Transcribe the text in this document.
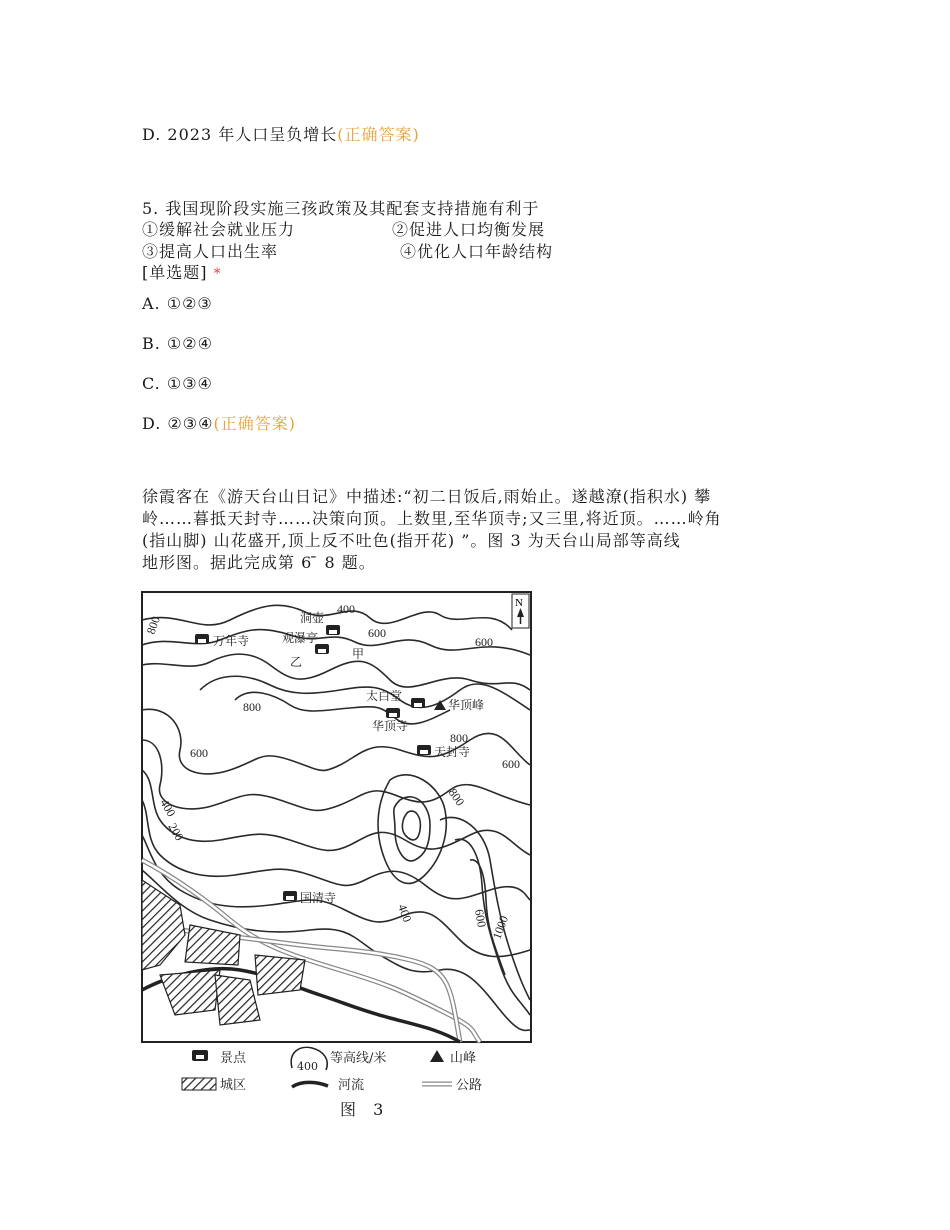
D. 2023 年人口呈负增长(正确答案)
5. 我国现阶段实施三孩政策及其配套支持措施有利于
①缓解社会就业压力	②促进人口均衡发展
③提高人口出生率	④优化人口年龄结构
[单选题] *
A. ①②③
B. ①②④
C. ①③④
D. ②③④(正确答案)
徐霞客在《游天台山日记》中描述:“初二日饭后,雨始止。遂越潦(指积水) 攀
岭……暮抵天封寺……决策向顶。上数里,至华顶寺;又三里,将近顶。……岭角
(指山脚) 山花盛开,顶上反不吐色(指开花) ”。图 3 为天台山局部等高线
地形图。据此完成第 6 ̄ 8 题。
N
400
600
600
800
800
800
600
600
400
200
800
400	600 1000
万年寺
洞壶
观瀑亭
乙
甲
太白堂
华顶峰
华顶寺
天封寺
国清寺
景点
400
等高线/米	山峰
城区	河流	公路
图 3
